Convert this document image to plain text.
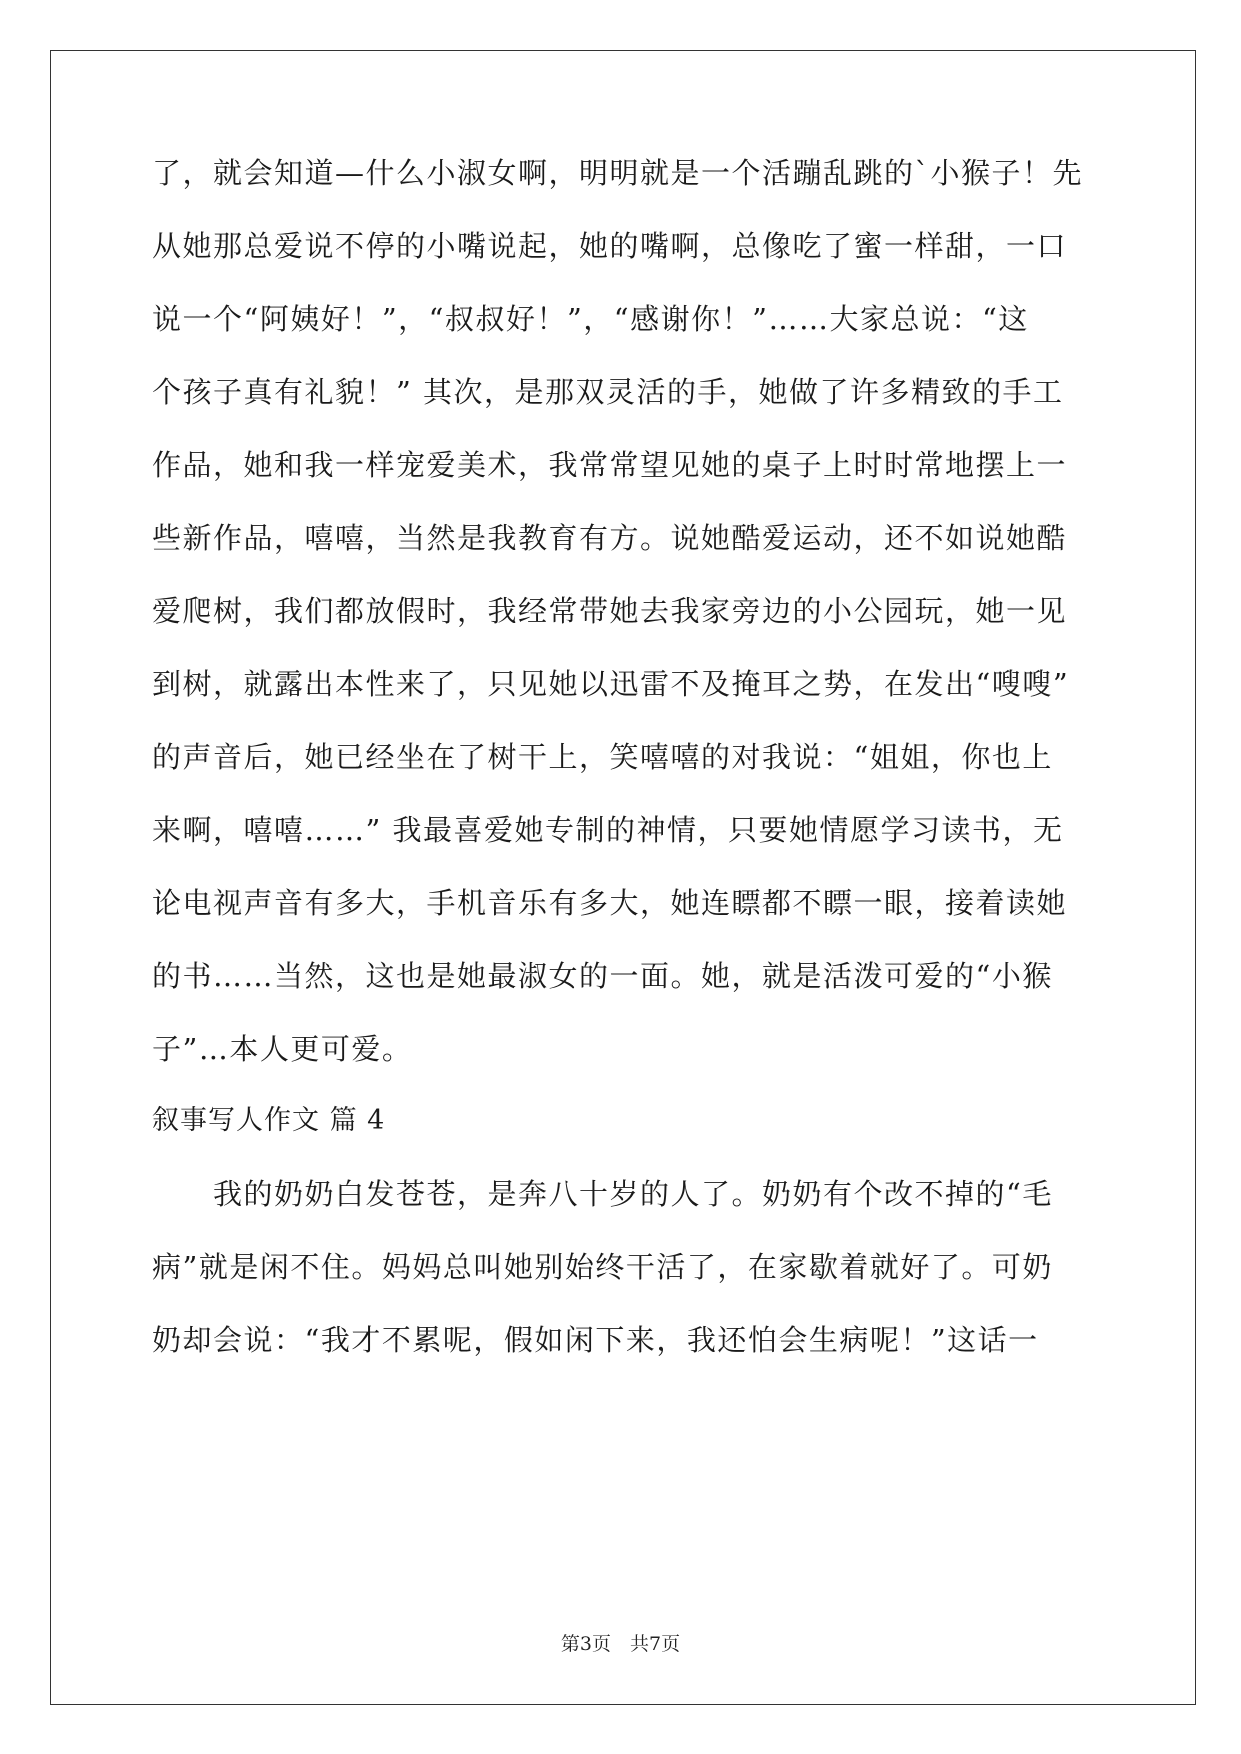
了，就会知道—什么小淑女啊，明明就是一个活蹦乱跳的`小猴子！先
从她那总爱说不停的小嘴说起，她的嘴啊，总像吃了蜜一样甜，一口
说一个“阿姨好！”，“叔叔好！”，“感谢你！”……大家总说：“这
个孩子真有礼貌！” 其次，是那双灵活的手，她做了许多精致的手工
作品，她和我一样宠爱美术，我常常望见她的桌子上时时常地摆上一
些新作品，嘻嘻，当然是我教育有方。说她酷爱运动，还不如说她酷
爱爬树，我们都放假时，我经常带她去我家旁边的小公园玩，她一见
到树，就露出本性来了，只见她以迅雷不及掩耳之势，在发出“嗖嗖”
的声音后，她已经坐在了树干上，笑嘻嘻的对我说：“姐姐，你也上
来啊，嘻嘻……” 我最喜爱她专制的神情，只要她情愿学习读书，无
论电视声音有多大，手机音乐有多大，她连瞟都不瞟一眼，接着读她
的书……当然，这也是她最淑女的一面。她，就是活泼可爱的“小猴
子”…本人更可爱。
叙事写人作文 篇 4
　　我的奶奶白发苍苍，是奔八十岁的人了。奶奶有个改不掉的“毛
病”就是闲不住。妈妈总叫她别始终干活了，在家歇着就好了。可奶
奶却会说：“我才不累呢，假如闲下来，我还怕会生病呢！”这话一
第3页　共7页
